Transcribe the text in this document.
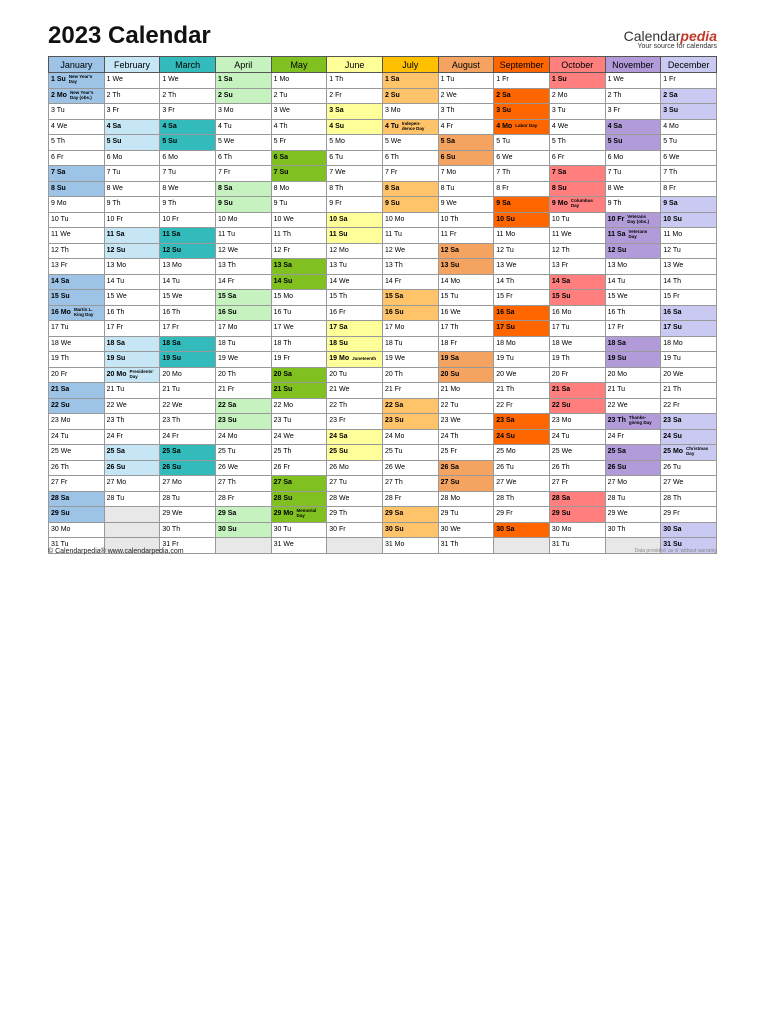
2023 Calendar	Calendarpedia
Your source for calendars
January	February	March	April	May	June	July	August	September	October	November	December
1 Su New Year's Day	1 We	1 We	1 Sa	1 Mo	1 Th	1 Sa	1 Tu	1 Fr	1 Su	1 We	1 Fr
2 Mo New Year's Day (obs.)	2 Th	2 Th	2 Su	2 Tu	2 Fr	2 Su	2 We	2 Sa	2 Mo	2 Th	2 Sa
3 Tu	3 Fr	3 Fr	3 Mo	3 We	3 Sa	3 Mo	3 Th	3 Su	3 Tu	3 Fr	3 Su
4 We	4 Sa	4 Sa	4 Tu	4 Th	4 Su	4 Tu Indepen-dence Day	4 Fr	4 Mo Labor Day	4 We	4 Sa	4 Mo
5 Th	5 Su	5 Su	5 We	5 Fr	5 Mo	5 We	5 Sa	5 Tu	5 Th	5 Su	5 Tu
6 Fr	6 Mo	6 Mo	6 Th	6 Sa	6 Tu	6 Th	6 Su	6 We	6 Fr	6 Mo	6 We
7 Sa	7 Tu	7 Tu	7 Fr	7 Su	7 We	7 Fr	7 Mo	7 Th	7 Sa	7 Tu	7 Th
8 Su	8 We	8 We	8 Sa	8 Mo	8 Th	8 Sa	8 Tu	8 Fr	8 Su	8 We	8 Fr
9 Mo	9 Th	9 Th	9 Su	9 Tu	9 Fr	9 Su	9 We	9 Sa	9 Mo Columbus Day	9 Th	9 Sa
10 Tu	10 Fr	10 Fr	10 Mo	10 We	10 Sa	10 Mo	10 Th	10 Su	10 Tu	10 Fr Veterans Day (obs.)	10 Su
11 We	11 Sa	11 Sa	11 Tu	11 Th	11 Su	11 Tu	11 Fr	11 Mo	11 We	11 Sa Veterans Day	11 Mo
12 Th	12 Su	12 Su	12 We	12 Fr	12 Mo	12 We	12 Sa	12 Tu	12 Th	12 Su	12 Tu
13 Fr	13 Mo	13 Mo	13 Th	13 Sa	13 Tu	13 Th	13 Su	13 We	13 Fr	13 Mo	13 We
14 Sa	14 Tu	14 Tu	14 Fr	14 Su	14 We	14 Fr	14 Mo	14 Th	14 Sa	14 Tu	14 Th
15 Su	15 We	15 We	15 Sa	15 Mo	15 Th	15 Sa	15 Tu	15 Fr	15 Su	15 We	15 Fr
16 Mo Martin L. King Day	16 Th	16 Th	16 Su	16 Tu	16 Fr	16 Su	16 We	16 Sa	16 Mo	16 Th	16 Sa
17 Tu	17 Fr	17 Fr	17 Mo	17 We	17 Sa	17 Mo	17 Th	17 Su	17 Tu	17 Fr	17 Su
18 We	18 Sa	18 Sa	18 Tu	18 Th	18 Su	18 Tu	18 Fr	18 Mo	18 We	18 Sa	18 Mo
19 Th	19 Su	19 Su	19 We	19 Fr	19 Mo Juneteenth	19 We	19 Sa	19 Tu	19 Th	19 Su	19 Tu
20 Fr	20 Mo Presidents' Day	20 Mo	20 Th	20 Sa	20 Tu	20 Th	20 Su	20 We	20 Fr	20 Mo	20 We
21 Sa	21 Tu	21 Tu	21 Fr	21 Su	21 We	21 Fr	21 Mo	21 Th	21 Sa	21 Tu	21 Th
22 Su	22 We	22 We	22 Sa	22 Mo	22 Th	22 Sa	22 Tu	22 Fr	22 Su	22 We	22 Fr
23 Mo	23 Th	23 Th	23 Su	23 Tu	23 Fr	23 Su	23 We	23 Sa	23 Mo	23 Th Thanks-giving Day	23 Sa
24 Tu	24 Fr	24 Fr	24 Mo	24 We	24 Sa	24 Mo	24 Th	24 Su	24 Tu	24 Fr	24 Su
25 We	25 Sa	25 Sa	25 Tu	25 Th	25 Su	25 Tu	25 Fr	25 Mo	25 We	25 Sa	25 Mo Christmas Day
26 Th	26 Su	26 Su	26 We	26 Fr	26 Mo	26 We	26 Sa	26 Tu	26 Th	26 Su	26 Tu
27 Fr	27 Mo	27 Mo	27 Th	27 Sa	27 Tu	27 Th	27 Su	27 We	27 Fr	27 Mo	27 We
28 Sa	28 Tu	28 Tu	28 Fr	28 Su	28 We	28 Fr	28 Mo	28 Th	28 Sa	28 Tu	28 Th
29 Su		29 We	29 Sa	29 Mo Memorial Day	29 Th	29 Sa	29 Tu	29 Fr	29 Su	29 We	29 Fr
30 Mo		30 Th	30 Su	30 Tu	30 Fr	30 Su	30 We	30 Sa	30 Mo	30 Th	30 Sa
31 Tu		31 Fr		31 We		31 Mo	31 Th		31 Tu		31 Su
© Calendarpedia® www.calendarpedia.com	Data provided 'as is' without warranty
